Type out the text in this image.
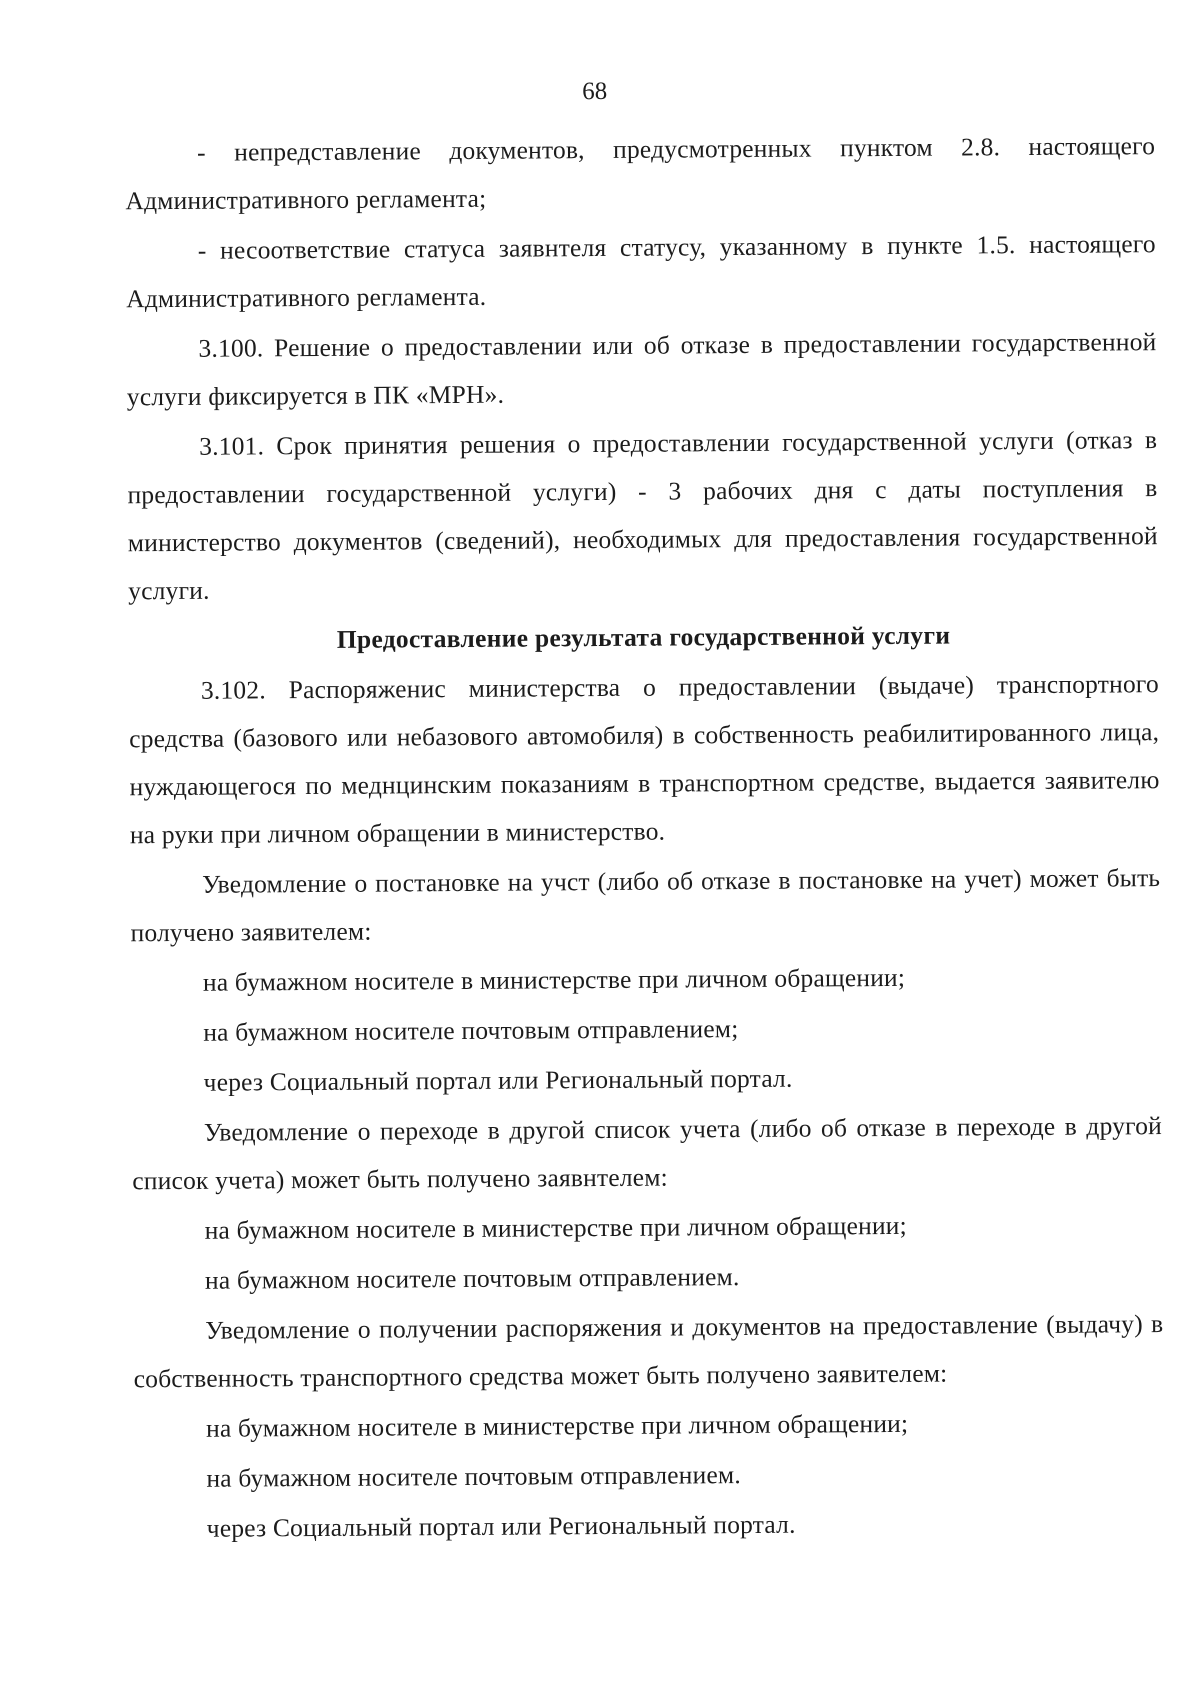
68

- непредставление документов, предусмотренных пунктом 2.8. настоящего Административного регламента;

- несоответствие статуса заявнтеля статусу, указанному в пункте 1.5. настоящего Административного регламента.

3.100. Решение о предоставлении или об отказе в предоставлении государственной услуги фиксируется в ПК «МРН».

3.101. Срок принятия решения о предоставлении государственной услуги (отказ в предоставлении государственной услуги) - 3 рабочих дня с даты поступления в министерство документов (сведений), необходимых для предоставления государственной услуги.

Предоставление результата государственной услуги

3.102. Распоряженис министерства о предоставлении (выдаче) транспортного средства (базового или небазового автомобиля) в собственность реабилитированного лица, нуждающегося по меднцинским показаниям в транспортном средстве, выдается заявителю на руки при личном обращении в министерство.

Уведомление о постановке на учст (либо об отказе в постановке на учет) может быть получено заявителем:

на бумажном носителе в министерстве при личном обращении;

на бумажном носителе почтовым отправлением;

через Социальный портал или Региональный портал.

Уведомление о переходе в другой список учета (либо об отказе в переходе в другой список учета) может быть получено заявнтелем:

на бумажном носителе в министерстве при личном обращении;

на бумажном носителе почтовым отправлением.

Уведомление о получении распоряжения и документов на предоставление (выдачу) в собственность транспортного средства может быть получено заявителем:

на бумажном носителе в министерстве при личном обращении;

на бумажном носителе почтовым отправлением.

через Социальный портал или Региональный портал.
